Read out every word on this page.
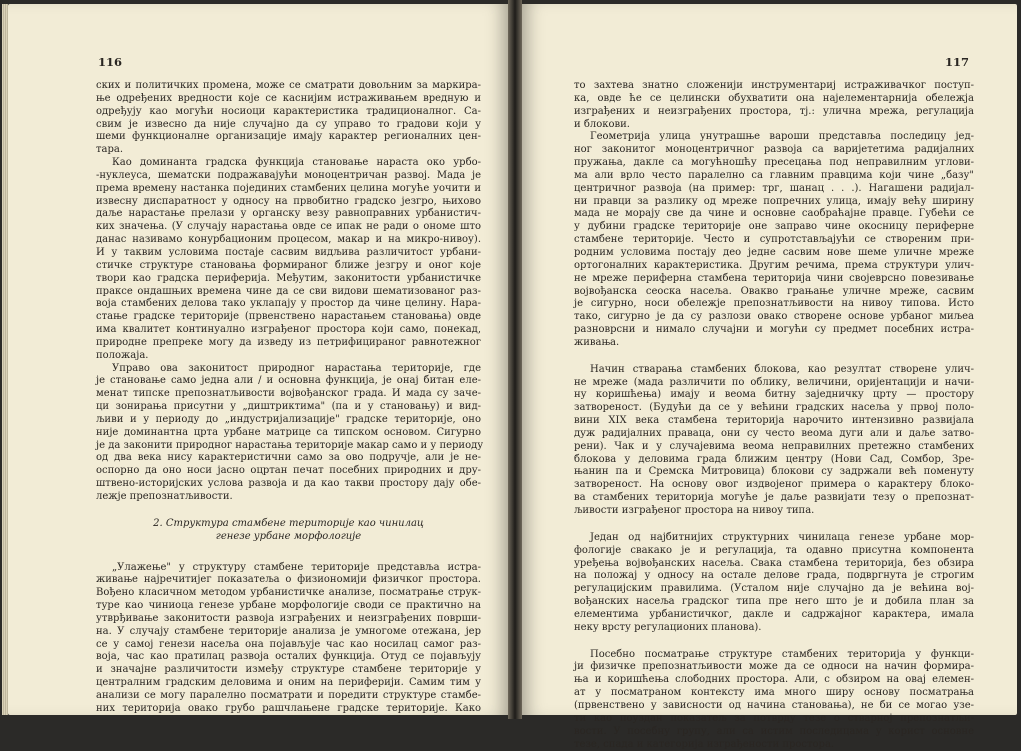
116

ских и политичких промена, може се сматрати довољним за маркира-
ње одређених вредности које се каснијим истраживањем вредную и
одређују као могући носиоци карактеристика традиционалног. Са-
свим је извесно да није случајно да су управо то градови који у
шеми функционалне организације имају карактер регионалних цен-
тара.

Као доминанта градска функција становање нараста око урбо-
-нуклеуса, шематски подражавајући моноцентричан развој. Мада је
према времену настанка појединих стамбених целина могуће уочити и
извесну диспаратност у односу на првобитно градско језгро, њихово
даље нарастање прелази у органску везу равноправних урбанистич-
ких значења. (У случају нарастања овде се ипак не ради о ономе што
данас називамо конурбационим процесом, макар и на микро-нивоу).
И у таквим условима постаје сасвим видљива различитост урбани-
стичке структуре становања формираног ближе језгру и оног које
твори као градска периферија. Међутим, законитости урбанистичке
праксе ондашњих времена чине да се сви видови шематизованог раз-
воја стамбених делова тако уклапају у простор да чине целину. Нара-
стање градске територије (првенствено нарастањем становања) овде
има квалитет континуално изграђеног простора који само, понекад,
природне препреке могу да изведу из петрифицираног равнотежног
положаја.

Управо ова законитост природног нарастања територије, где
је становање само једна али / и основна функција, је онај битан еле-
менат типске препознатљивости војвођанског града. И мада су заче-
ци зонирања присутни у „диштриктима" (па и у становању) и вид-
љиви и у периоду до „индустријализације" градске територије, оно
није доминантна црта урбане матрице са типском основом. Сигурно
је да законити природног нарастања територије макар само и у периоду
од два века нису карактеристични само за ово подручје, али је не-
оспорно да оно носи јасно оцртан печат посебних природних и дру-
штвено-историјских услова развоја и да као такви простору дају обе-
лежје препознатљивости.

2. Структура стамбене територије као чинилац
генезе урбане морфологије

„Улажење" у структуру стамбене територије представља истра-
живање најречитијег показатеља о физиономији физичког простора.
Вођено класичном методом урбанистичке анализе, посматрање струк-
туре као чиниоца генезе урбане морфологије своди се практично на
утврђивање законитости развоја изграђених и неизграђених површи-
на. У случају стамбене територије анализа је умногоме отежана, јер
се у самој генези насеља она појављује час као носилац самог раз-
воја, час као пратилац развоја осталих функција. Отуд се појављују
и значајне различитости између структуре стамбене територије у
централним градским деловима и оним на периферији. Самим тим у
анализи се могу паралелно посматрати и поредити структуре стамбе-
них територија овако грубо рашчлањене градске територије. Како

117

то захтева знатно сложенији инструментариј истраживачког поступ-
ка, овде ће се целински обухватити она најелементарнија обележја
изграђених и неизграђених простора, тј.: улична мрежа, регулација
и блокови.

Геометрија улица унутрашње вароши представља последицу јед-
ног законитог моноцентричног развоја са варијететима радијалних
пружања, дакле са могућношћу пресецања под неправилним углови-
ма али врло често паралелно са главним правцима који чине „базу"
центричног развоја (на пример: трг, шанац . . .). Нагашени радијал-
ни правци за разлику од мреже попречних улица, имају већу ширину
мада не морају све да чине и основне саобраћајне правце. Губећи се
у дубини градске територије оне заправо чине окосницу периферне
стамбене територије. Често и супротстављајући се створеним при-
родним условима постају део једне сасвим нове шеме уличне мреже
ортогоналних карактеристика. Другим речима, према структури улич-
не мреже периферна стамбена територија чини својеврсно повезивање
војвођанска сеоска насеља. Овакво грањање уличне мреже, сасвим
је сигурно, носи обележје препознатљивости на нивоу типова. Исто
тако, сигурно је да су разлози овако створене основе урбаног миљеа
разноврсни и нимало случајни и могући су предмет посебних истра-
живања.

Начин стварања стамбених блокова, као резултат створене улич-
не мреже (мада различити по облику, величини, оријентацији и начи-
ну коришћења) имају и веома битну заједничку црту — простору
затвореност. (Будући да се у већини градских насеља у првој поло-
вини XIX века стамбена територија нарочито интензивно развијала
дуж радијалних праваца, они су често веома дуги али и даље затво-
рени). Чак и у случајевима веома неправилних претежно стамбених
блокова у деловима града ближим центру (Нови Сад, Сомбор, Зре-
њанин па и Сремска Митровица) блокови су задржали већ поменуту
затвореност. На основу овог издвојеног примера о карактеру блоко-
ва стамбених територија могуће је даље развијати тезу о препознат-
љивости изграђеног простора на нивоу типа.

Један од најбитнијих структурних чинилаца генезе урбане мор-
фологије свакако је и регулација, та одавно присутна компонента
уређења војвођанских насеља. Свака стамбена територија, без обзира
на положај у односу на остале делове града, подвргнута је строгим
регулацијским правилима. (Усталом није случајно да је већина вој-
вођанских насеља градског типа пре него што је и добила план за
елементима урбанистичког, дакле и садржајног карактера, имала
неку врсту регулационих планова).

Посебно посматрање структуре стамбених територија у функци-
ји физичке препознатљивости може да се односи на начин формира-
ња и коришћења слободних простора. Али, с обзиром на овај елемен-
ат у посматраном контексту има много ширу основу посматрања
(првенствено у зависности од начина становања), не би се могао узе-
ти као поуздан показатељ за потврду тезе о стварној препознатљи-
вости. У посебну групу, али са истим последицама у корист основне
тезе, спада и категорија изграђености простора.
